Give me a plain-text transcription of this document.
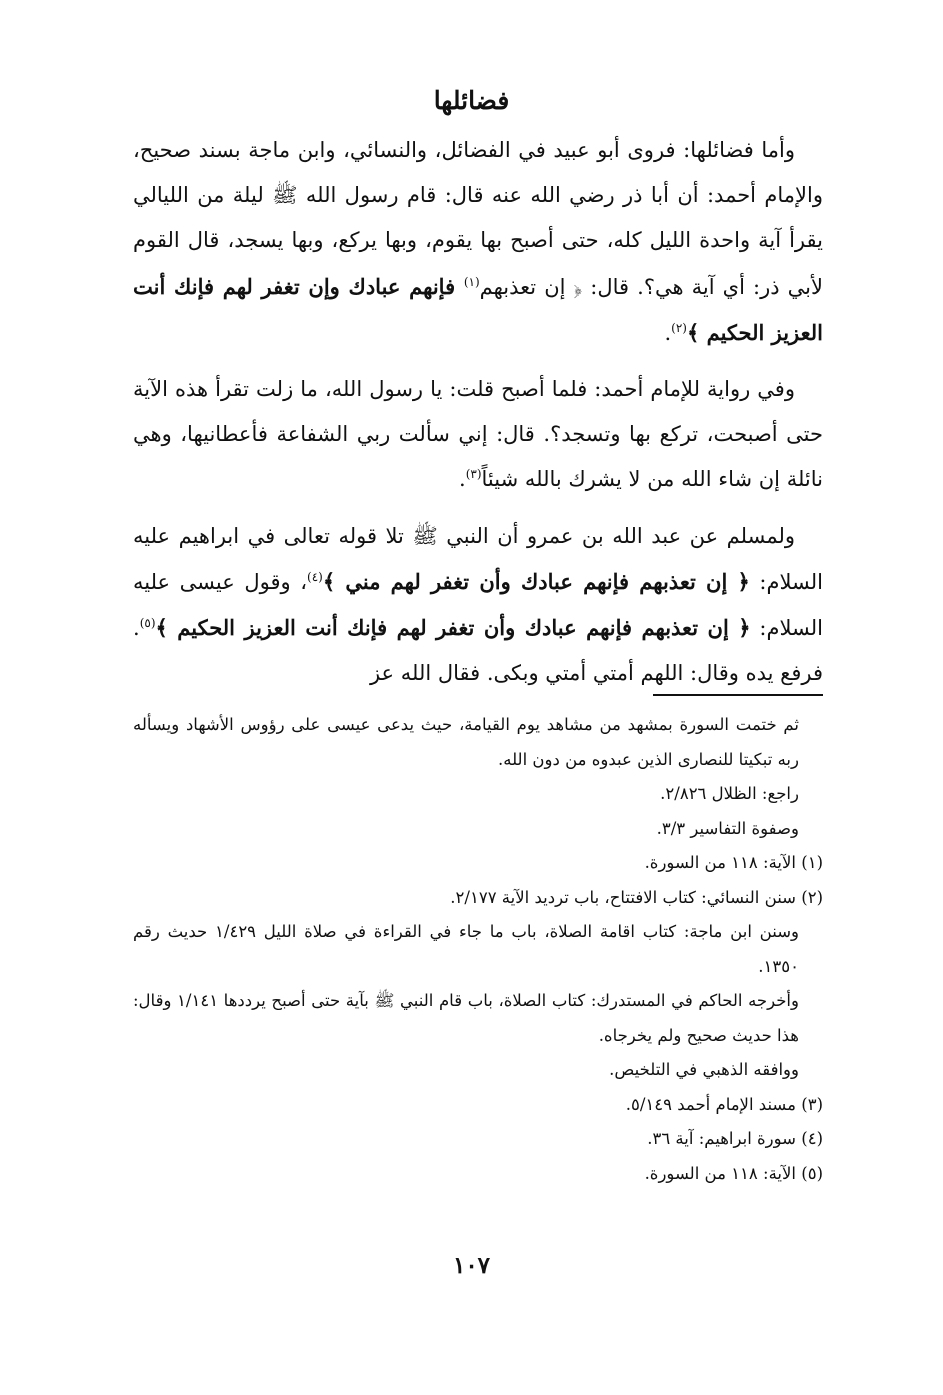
فضائلها

وأما فضائلها: فروى أبو عبيد في الفضائل، والنسائي، وابن ماجة بسند صحيح، والإمام أحمد: أن أبا ذر رضي الله عنه قال: قام رسول الله ﷺ ليلة من الليالي يقرأ آية واحدة الليل كله، حتى أصبح بها يقوم، وبها يركع، وبها يسجد، قال القوم لأبي ذر: أي آية هي؟. قال: ﴿ إن تعذبهم$^{(١)}$ فإنهم عبادك وإن تغفر لهم فإنك أنت العزيز الحكيم ﴾$^{(٢)}$.

وفي رواية للإمام أحمد: فلما أصبح قلت: يا رسول الله، ما زلت تقرأ هذه الآية حتى أصبحت، تركع بها وتسجد؟. قال: إني سألت ربي الشفاعة فأعطانيها، وهي نائلة إن شاء الله من لا يشرك بالله شيئاً$^{(٣)}$.

ولمسلم عن عبد الله بن عمرو أن النبي ﷺ تلا قوله تعالى في ابراهيم عليه السلام: ﴿ إن تعذبهم فإنهم عبادك وأن تغفر لهم مني ﴾$^{(٤)}$، وقول عيسى عليه السلام: ﴿ إن تعذبهم فإنهم عبادك وأن تغفر لهم فإنك أنت العزيز الحكيم ﴾$^{(٥)}$. فرفع يده وقال: اللهم أمتي أمتي وبكى. فقال الله عز

ثم ختمت السورة بمشهد من مشاهد يوم القيامة، حيث يدعى عيسى على رؤوس الأشهاد ويسأله ربه تبكيتا للنصارى الذين عبدوه من دون الله.

راجع: الظلال ٢/٨٢٦.

وصفوة التفاسير ٣/٣.

(١) الآية: ١١٨ من السورة.

(٢) سنن النسائي: كتاب الافتتاح، باب ترديد الآية ٢/١٧٧.

وسنن ابن ماجة: كتاب اقامة الصلاة، باب ما جاء في القراءة في صلاة الليل ١/٤٢٩ حديث رقم ١٣٥٠.

وأخرجه الحاكم في المستدرك: كتاب الصلاة، باب قام النبي ﷺ بآية حتى أصبح يرددها ١/١٤١ وقال: هذا حديث صحيح ولم يخرجاه.

ووافقه الذهبي في التلخيص.

(٣) مسند الإمام أحمد ٥/١٤٩.

(٤) سورة ابراهيم: آية ٣٦.

(٥) الآية: ١١٨ من السورة.

١٠٧
